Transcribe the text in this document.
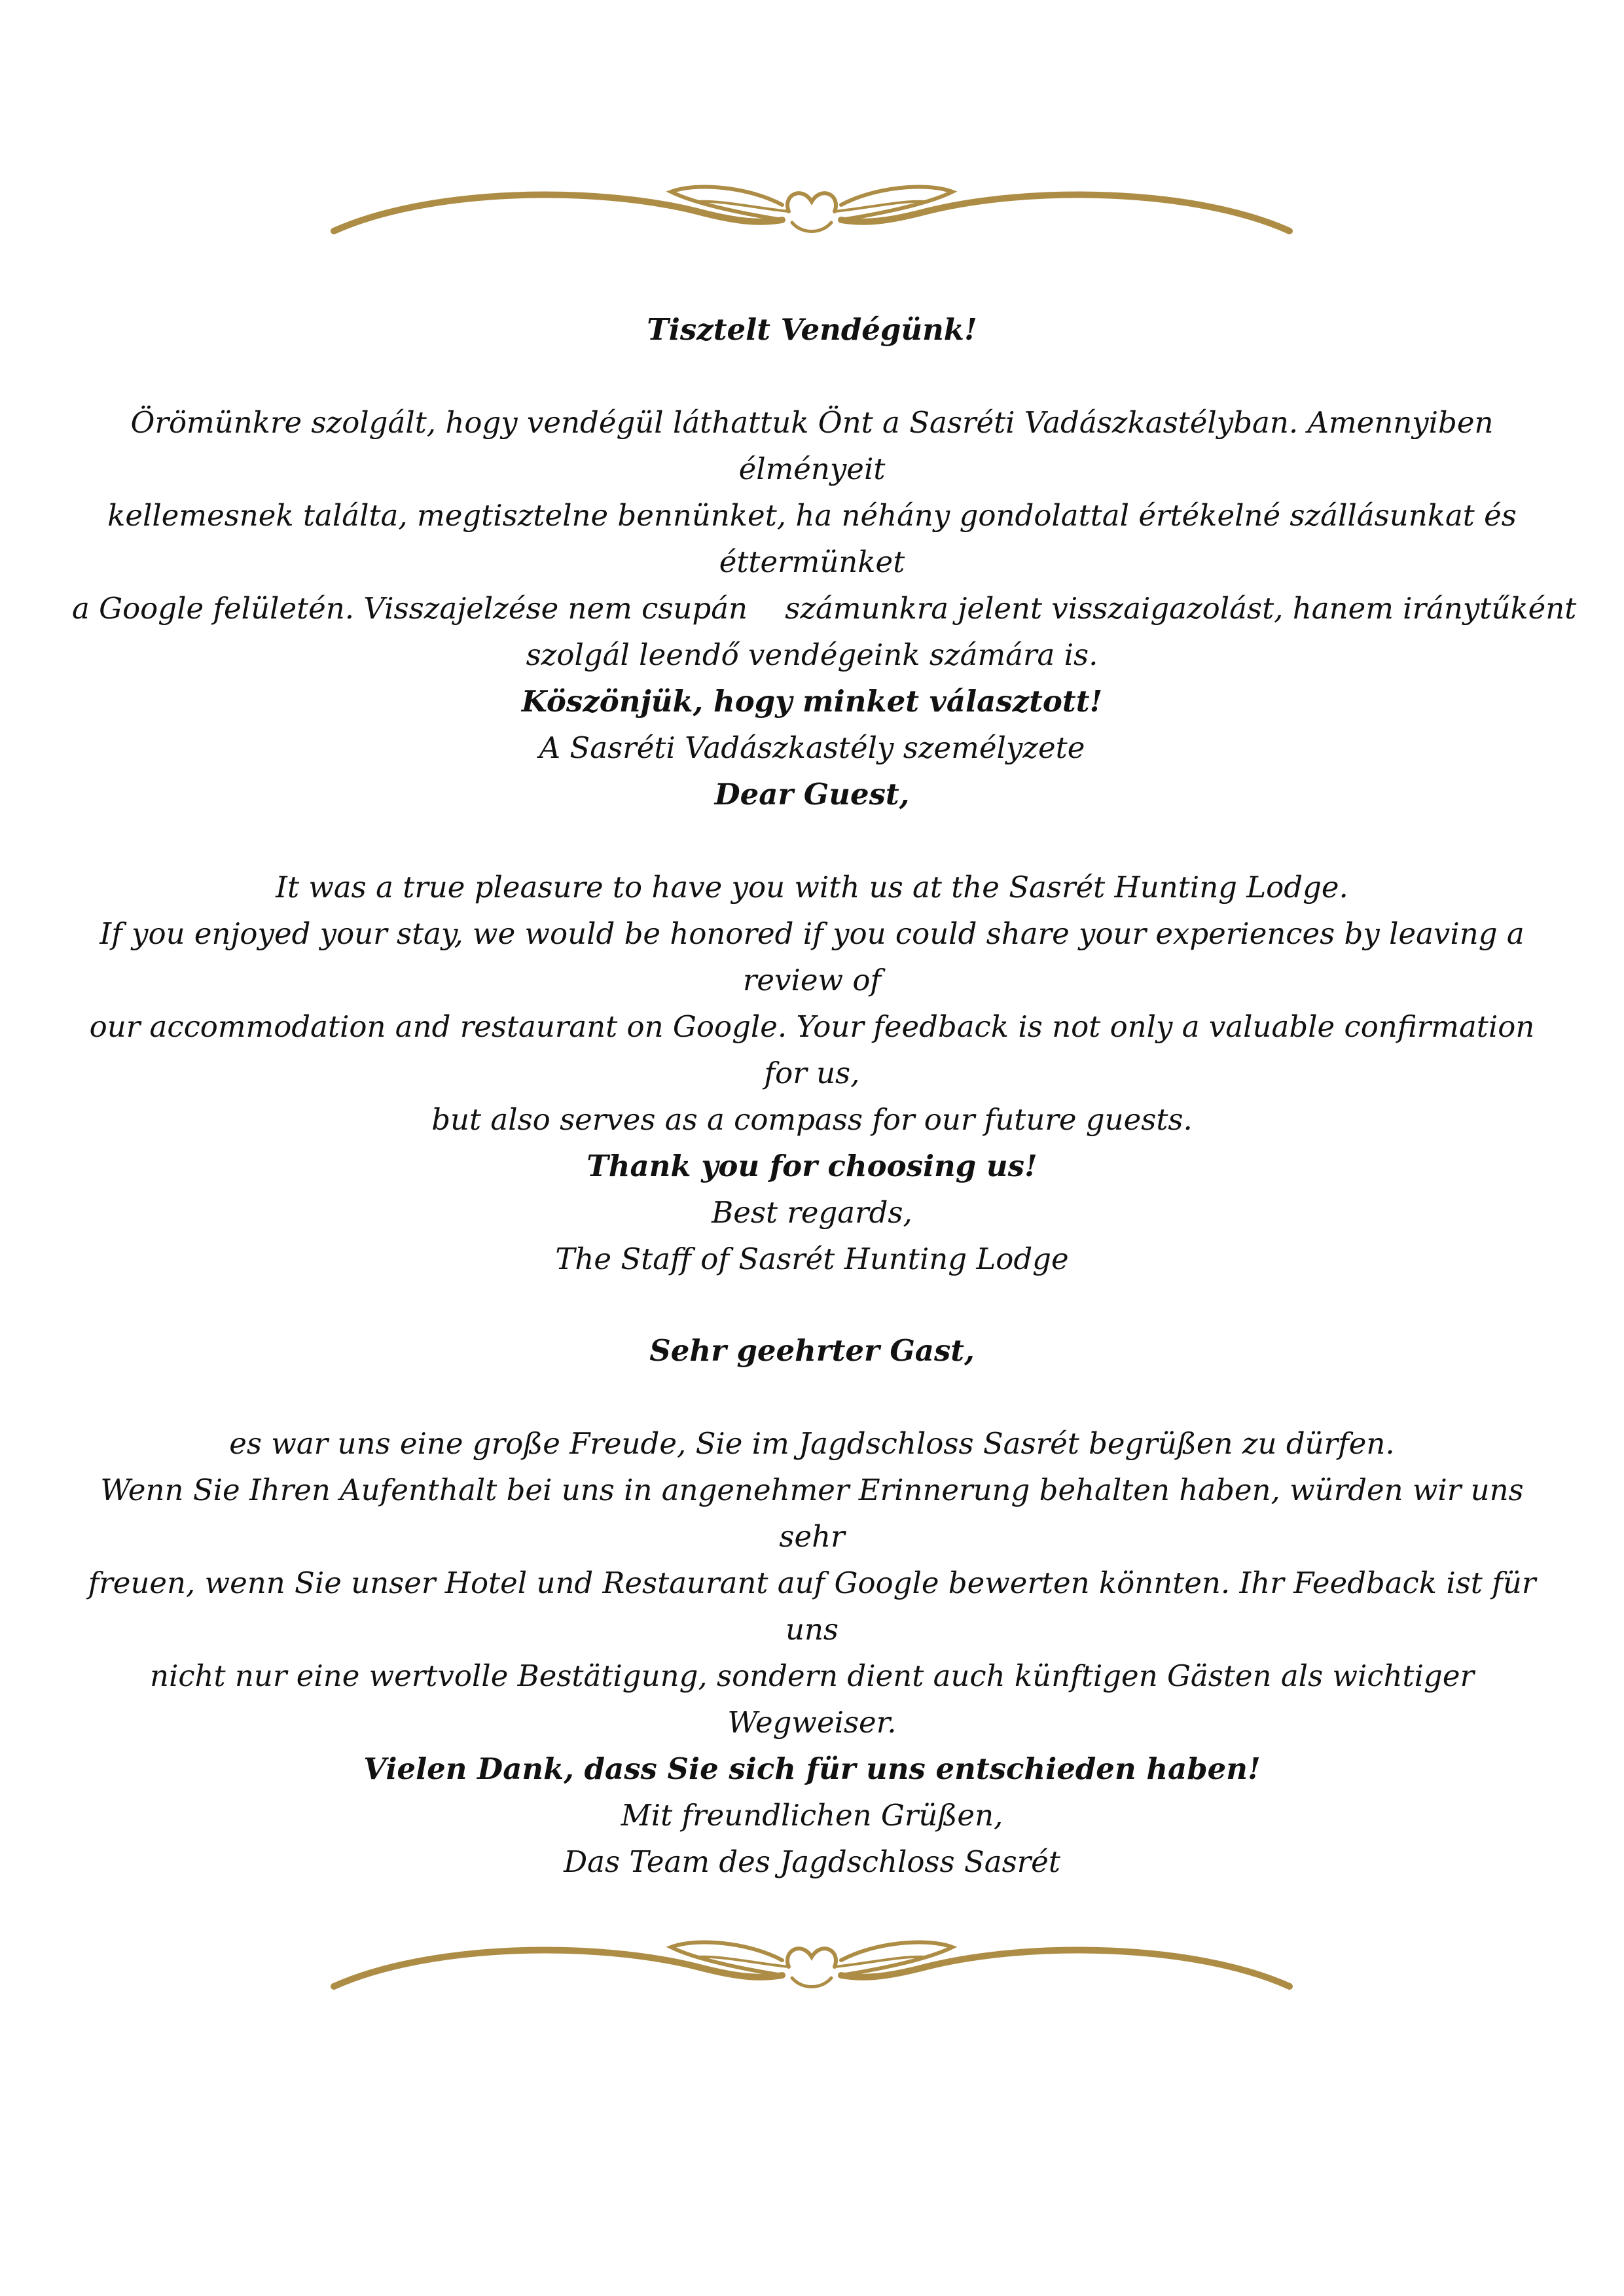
Tisztelt Vendégünk!

Örömünkre szolgált, hogy vendégül láthattuk Önt a Sasréti Vadászkastélyban. Amennyiben élményeit

kellemesnek találta, megtisztelne bennünket, ha néhány gondolattal értékelné szállásunkat és éttermünket

a Google felületén. Visszajelzése nem csupán    számunkra jelent visszaigazolást, hanem iránytűként

szolgál leendő vendégeink számára is.

Köszönjük, hogy minket választott!

A Sasréti Vadászkastély személyzete

Dear Guest,

It was a true pleasure to have you with us at the Sasrét Hunting Lodge.

If you enjoyed your stay, we would be honored if you could share your experiences by leaving a review of

our accommodation and restaurant on Google. Your feedback is not only a valuable confirmation for us,

but also serves as a compass for our future guests.

Thank you for choosing us!

Best regards,

The Staff of Sasrét Hunting Lodge

Sehr geehrter Gast,

es war uns eine große Freude, Sie im Jagdschloss Sasrét begrüßen zu dürfen.

Wenn Sie Ihren Aufenthalt bei uns in angenehmer Erinnerung behalten haben, würden wir uns sehr

freuen, wenn Sie unser Hotel und Restaurant auf Google bewerten könnten. Ihr Feedback ist für uns

nicht nur eine wertvolle Bestätigung, sondern dient auch künftigen Gästen als wichtiger Wegweiser.

Vielen Dank, dass Sie sich für uns entschieden haben!

Mit freundlichen Grüßen,

Das Team des Jagdschloss Sasrét
